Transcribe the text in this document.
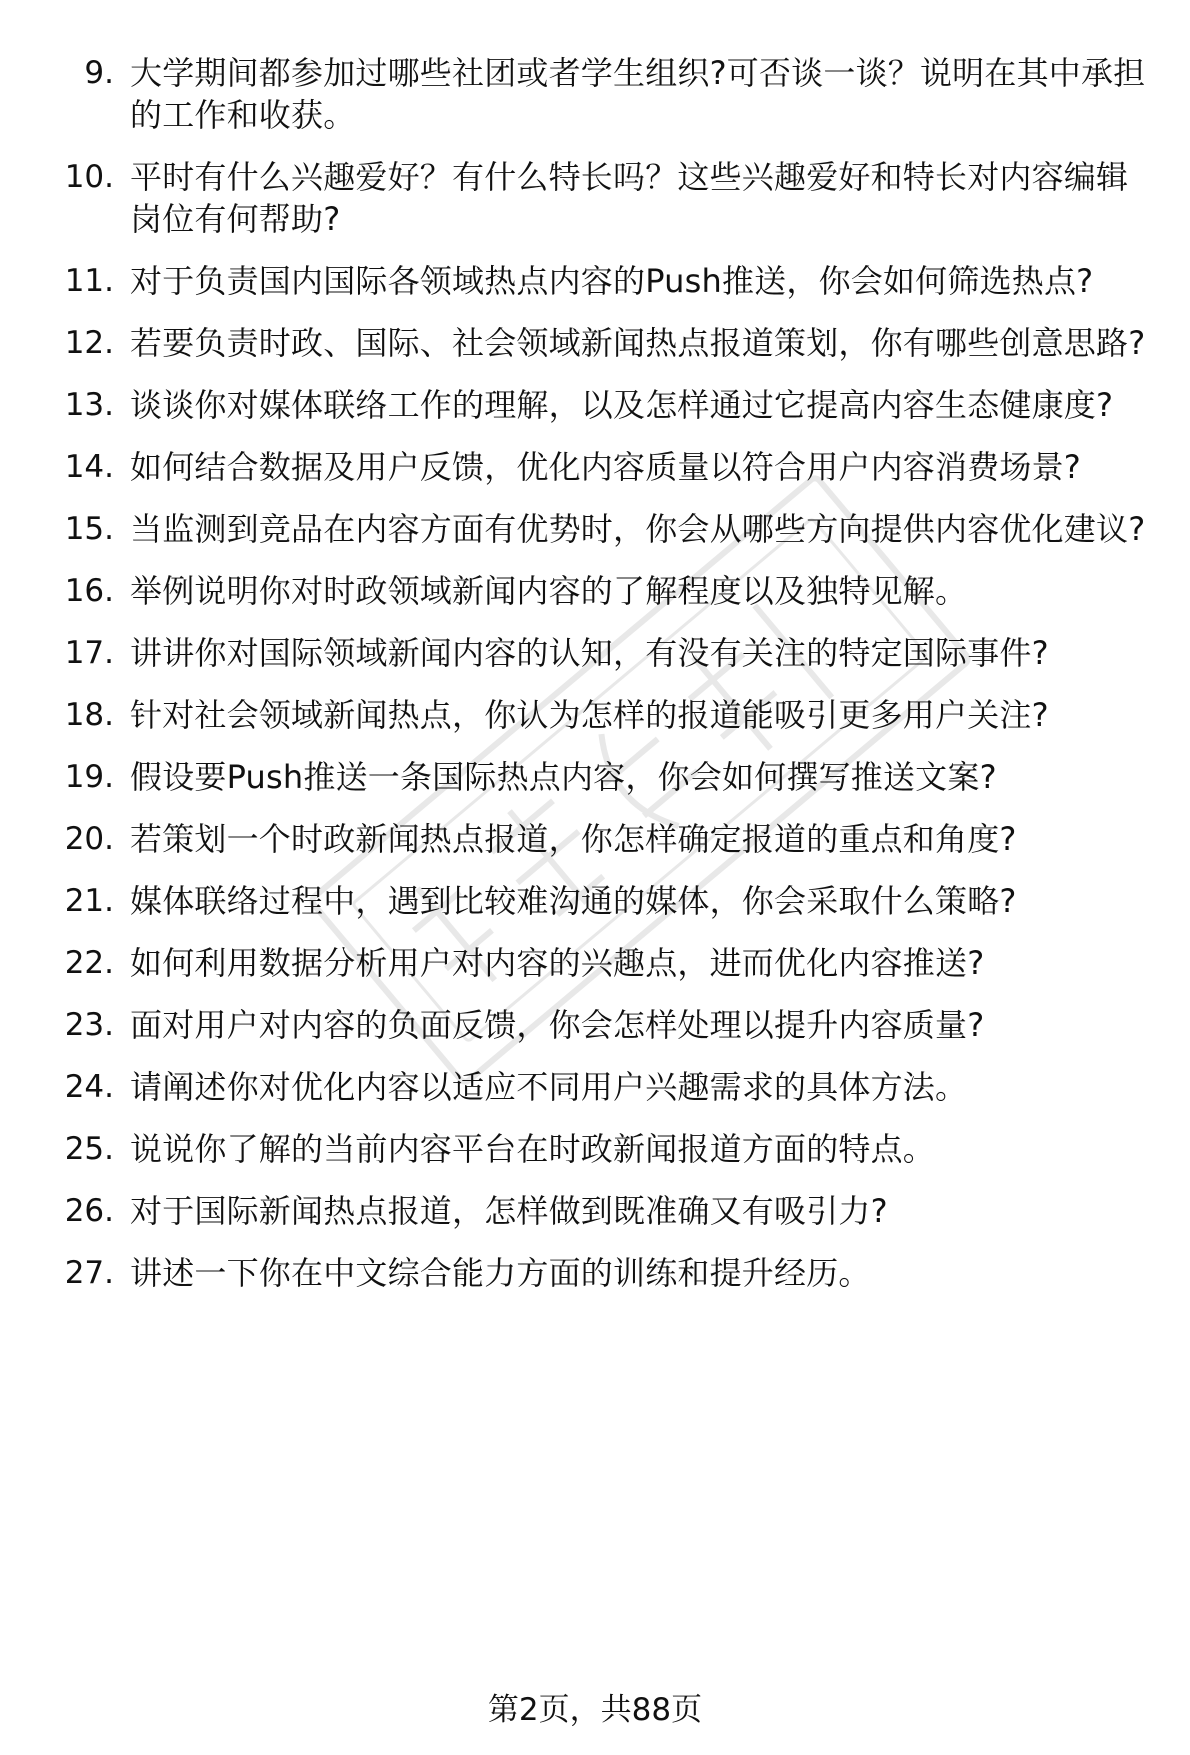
9. 大学期间都参加过哪些社团或者学生组织?可否谈一谈？说明在其中承担的工作和收获。
10. 平时有什么兴趣爱好？有什么特长吗？这些兴趣爱好和特长对内容编辑岗位有何帮助?
11. 对于负责国内国际各领域热点内容的Push推送，你会如何筛选热点?
12. 若要负责时政、国际、社会领域新闻热点报道策划，你有哪些创意思路?
13. 谈谈你对媒体联络工作的理解，以及怎样通过它提高内容生态健康度?
14. 如何结合数据及用户反馈，优化内容质量以符合用户内容消费场景?
15. 当监测到竞品在内容方面有优势时，你会从哪些方向提供内容优化建议?
16. 举例说明你对时政领域新闻内容的了解程度以及独特见解。
17. 讲讲你对国际领域新闻内容的认知，有没有关注的特定国际事件?
18. 针对社会领域新闻热点，你认为怎样的报道能吸引更多用户关注?
19. 假设要Push推送一条国际热点内容，你会如何撰写推送文案?
20. 若策划一个时政新闻热点报道，你怎样确定报道的重点和角度?
21. 媒体联络过程中，遇到比较难沟通的媒体，你会采取什么策略?
22. 如何利用数据分析用户对内容的兴趣点，进而优化内容推送?
23. 面对用户对内容的负面反馈，你会怎样处理以提升内容质量?
24. 请阐述你对优化内容以适应不同用户兴趣需求的具体方法。
25. 说说你了解的当前内容平台在时政新闻报道方面的特点。
26. 对于国际新闻热点报道，怎样做到既准确又有吸引力?
27. 讲述一下你在中文综合能力方面的训练和提升经历。
第2页，共88页
